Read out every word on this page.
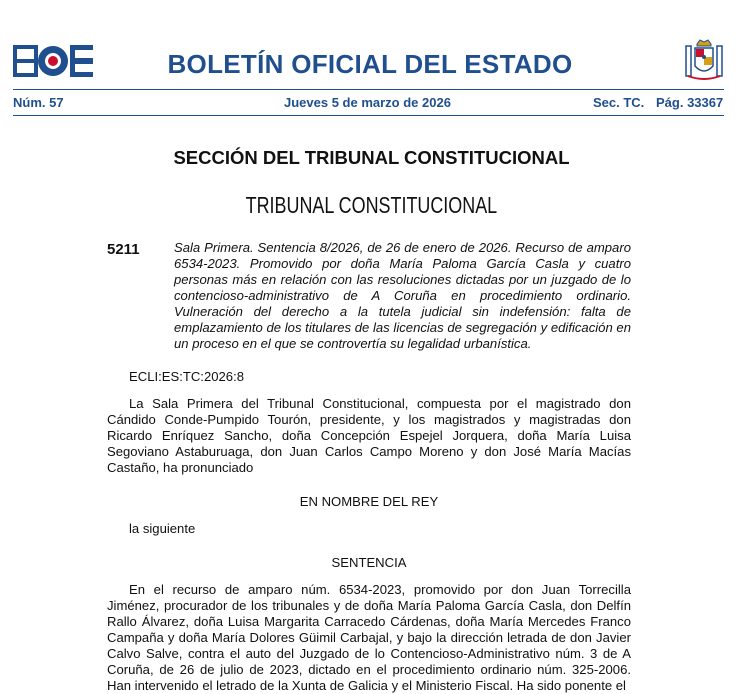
BOLETÍN OFICIAL DEL ESTADO
Núm. 57	Jueves 5 de marzo de 2026	Sec. TC. Pág. 33367
SECCIÓN DEL TRIBUNAL CONSTITUCIONAL
TRIBUNAL CONSTITUCIONAL
5211	Sala Primera. Sentencia 8/2026, de 26 de enero de 2026. Recurso de amparo 6534-2023. Promovido por doña María Paloma García Casla y cuatro personas más en relación con las resoluciones dictadas por un juzgado de lo contencioso-administrativo de A Coruña en procedimiento ordinario. Vulneración del derecho a la tutela judicial sin indefensión: falta de emplazamiento de los titulares de las licencias de segregación y edificación en un proceso en el que se controvertía su legalidad urbanística.
ECLI:ES:TC:2026:8
La Sala Primera del Tribunal Constitucional, compuesta por el magistrado don Cándido Conde-Pumpido Tourón, presidente, y los magistrados y magistradas don Ricardo Enríquez Sancho, doña Concepción Espejel Jorquera, doña María Luisa Segoviano Astaburuaga, don Juan Carlos Campo Moreno y don José María Macías Castaño, ha pronunciado
EN NOMBRE DEL REY
la siguiente
SENTENCIA
En el recurso de amparo núm. 6534-2023, promovido por don Juan Torrecilla Jiménez, procurador de los tribunales y de doña María Paloma García Casla, don Delfín Rallo Álvarez, doña Luisa Margarita Carracedo Cárdenas, doña María Mercedes Franco Campaña y doña María Dolores Güimil Carbajal, y bajo la dirección letrada de don Javier Calvo Salve, contra el auto del Juzgado de lo Contencioso-Administrativo núm. 3 de A Coruña, de 26 de julio de 2023, dictado en el procedimiento ordinario núm. 325-2006. Han intervenido el letrado de la Xunta de Galicia y el Ministerio Fiscal. Ha sido ponente el
